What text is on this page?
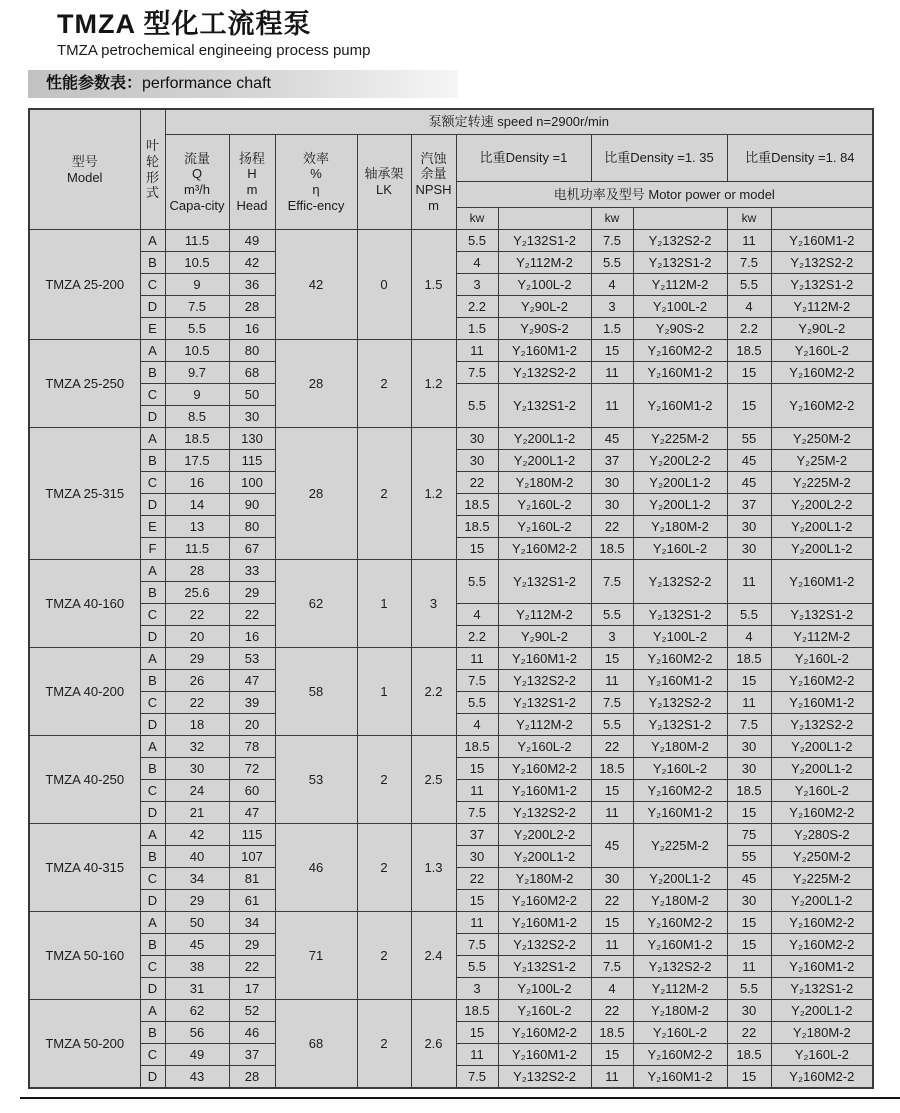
TMZA 型化工流程泵
TMZA petrochemical engineeing process pump
性能参数表：performance chaft
型号
Model	叶
轮
形
式	泵额定转速 speed n=2900r/min										
		流量
Q
m³/h
Capa-city	扬程
H
m
Head	效率
%
η
Effic-ency	轴承架
LK	汽蚀
余量
NPSH
m	比重Density =1		比重Density =1. 35		比重Density =1. 84	
							电机功率及型号 Motor power or model					
							kw		kw		kw	
TMZA 25-200	A	11.5	49	42	0	1.5	5.5	Y₂132S1-2	7.5	Y₂132S2-2	11	Y₂160M1-2
	B	10.5	42				4	Y₂112M-2	5.5	Y₂132S1-2	7.5	Y₂132S2-2
	C	9	36				3	Y₂100L-2	4	Y₂112M-2	5.5	Y₂132S1-2
	D	7.5	28				2.2	Y₂90L-2	3	Y₂100L-2	4	Y₂112M-2
	E	5.5	16				1.5	Y₂90S-2	1.5	Y₂90S-2	2.2	Y₂90L-2
TMZA 25-250	A	10.5	80	28	2	1.2	11	Y₂160M1-2	15	Y₂160M2-2	18.5	Y₂160L-2
	B	9.7	68				7.5	Y₂132S2-2	11	Y₂160M1-2	15	Y₂160M2-2
	C	9	50				5.5	Y₂132S1-2	11	Y₂160M1-2	15	Y₂160M2-2
	D	8.5	30									
TMZA 25-315	A	18.5	130	28	2	1.2	30	Y₂200L1-2	45	Y₂225M-2	55	Y₂250M-2
	B	17.5	115				30	Y₂200L1-2	37	Y₂200L2-2	45	Y₂25M-2
	C	16	100				22	Y₂180M-2	30	Y₂200L1-2	45	Y₂225M-2
	D	14	90				18.5	Y₂160L-2	30	Y₂200L1-2	37	Y₂200L2-2
	E	13	80				18.5	Y₂160L-2	22	Y₂180M-2	30	Y₂200L1-2
	F	11.5	67				15	Y₂160M2-2	18.5	Y₂160L-2	30	Y₂200L1-2
TMZA 40-160	A	28	33	62	1	3	5.5	Y₂132S1-2	7.5	Y₂132S2-2	11	Y₂160M1-2
	B	25.6	29									
	C	22	22				4	Y₂112M-2	5.5	Y₂132S1-2	5.5	Y₂132S1-2
	D	20	16				2.2	Y₂90L-2	3	Y₂100L-2	4	Y₂112M-2
TMZA 40-200	A	29	53	58	1	2.2	11	Y₂160M1-2	15	Y₂160M2-2	18.5	Y₂160L-2
	B	26	47				7.5	Y₂132S2-2	11	Y₂160M1-2	15	Y₂160M2-2
	C	22	39				5.5	Y₂132S1-2	7.5	Y₂132S2-2	11	Y₂160M1-2
	D	18	20				4	Y₂112M-2	5.5	Y₂132S1-2	7.5	Y₂132S2-2
TMZA 40-250	A	32	78	53	2	2.5	18.5	Y₂160L-2	22	Y₂180M-2	30	Y₂200L1-2
	B	30	72				15	Y₂160M2-2	18.5	Y₂160L-2	30	Y₂200L1-2
	C	24	60				11	Y₂160M1-2	15	Y₂160M2-2	18.5	Y₂160L-2
	D	21	47				7.5	Y₂132S2-2	11	Y₂160M1-2	15	Y₂160M2-2
TMZA 40-315	A	42	115	46	2	1.3	37	Y₂200L2-2	45	Y₂225M-2	75	Y₂280S-2
	B	40	107				30	Y₂200L1-2			55	Y₂250M-2
	C	34	81				22	Y₂180M-2	30	Y₂200L1-2	45	Y₂225M-2
	D	29	61				15	Y₂160M2-2	22	Y₂180M-2	30	Y₂200L1-2
TMZA 50-160	A	50	34	71	2	2.4	11	Y₂160M1-2	15	Y₂160M2-2	15	Y₂160M2-2
	B	45	29				7.5	Y₂132S2-2	11	Y₂160M1-2	15	Y₂160M2-2
	C	38	22				5.5	Y₂132S1-2	7.5	Y₂132S2-2	11	Y₂160M1-2
	D	31	17				3	Y₂100L-2	4	Y₂112M-2	5.5	Y₂132S1-2
TMZA 50-200	A	62	52	68	2	2.6	18.5	Y₂160L-2	22	Y₂180M-2	30	Y₂200L1-2
	B	56	46				15	Y₂160M2-2	18.5	Y₂160L-2	22	Y₂180M-2
	C	49	37				11	Y₂160M1-2	15	Y₂160M2-2	18.5	Y₂160L-2
	D	43	28				7.5	Y₂132S2-2	11	Y₂160M1-2	15	Y₂160M2-2
